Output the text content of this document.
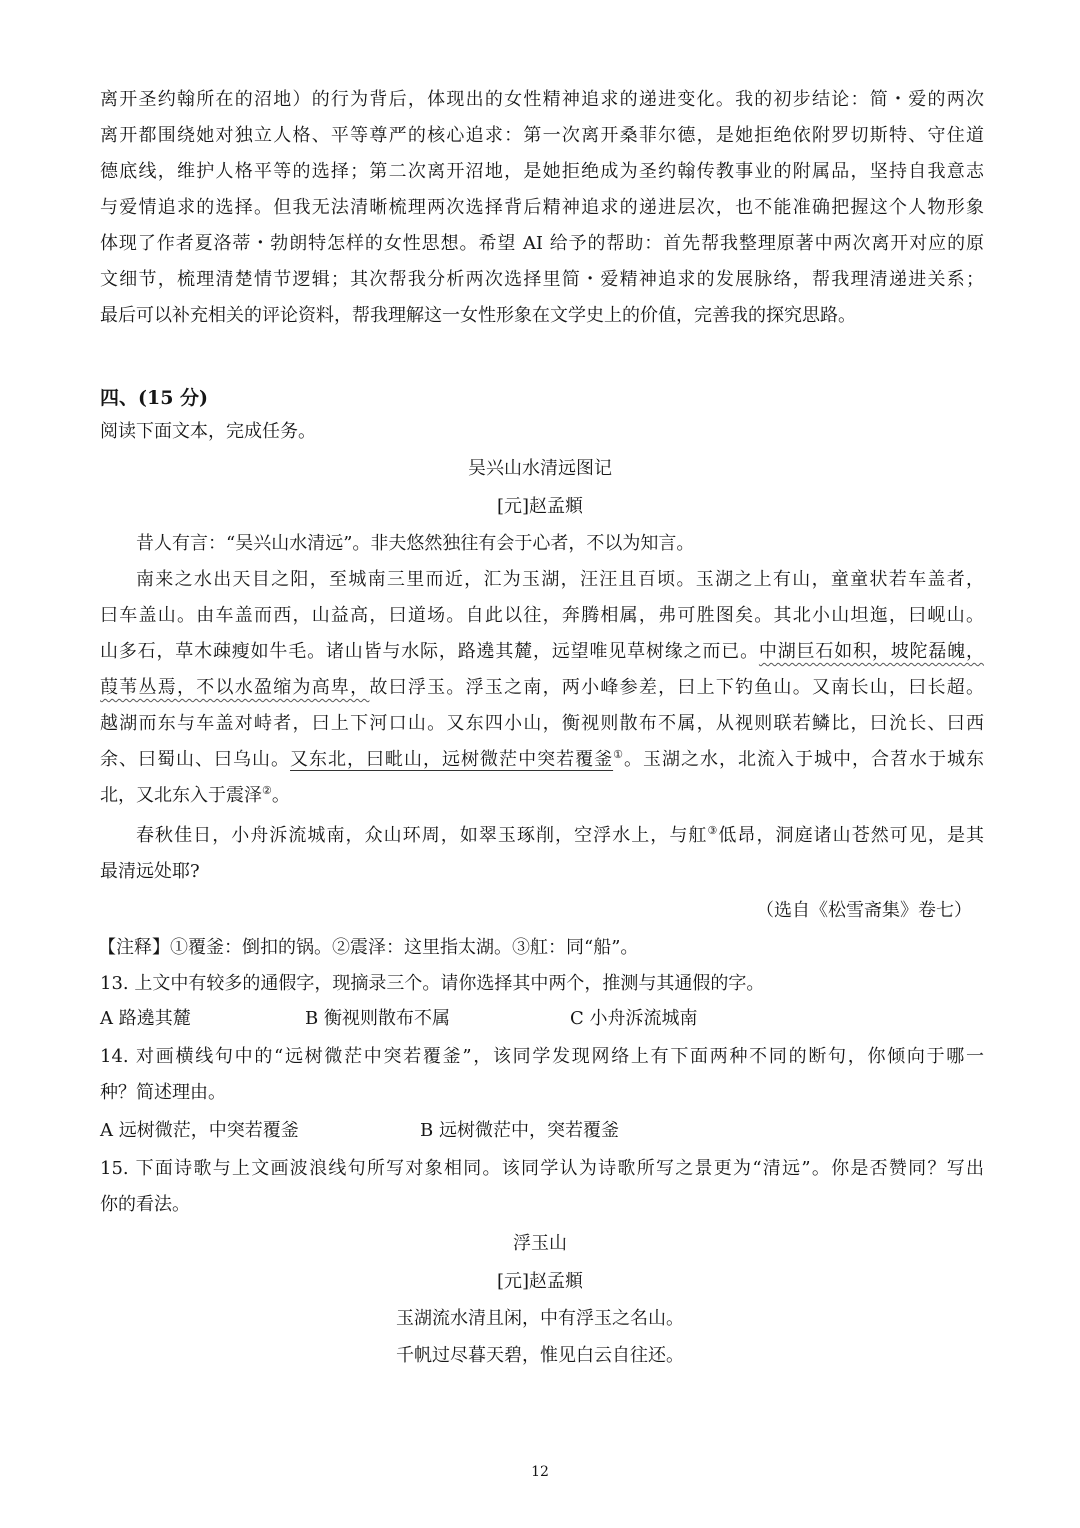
离开圣约翰所在的沼地）的行为背后，体现出的女性精神追求的递进变化。我的初步结论：简・爱的两次
离开都围绕她对独立人格、平等尊严的核心追求：第一次离开桑菲尔德，是她拒绝依附罗切斯特、守住道
德底线，维护人格平等的选择；第二次离开沼地，是她拒绝成为圣约翰传教事业的附属品，坚持自我意志
与爱情追求的选择。但我无法清晰梳理两次选择背后精神追求的递进层次，也不能准确把握这个人物形象
体现了作者夏洛蒂・勃朗特怎样的女性思想。希望 AI 给予的帮助：首先帮我整理原著中两次离开对应的原
文细节，梳理清楚情节逻辑；其次帮我分析两次选择里简・爱精神追求的发展脉络，帮我理清递进关系；
最后可以补充相关的评论资料，帮我理解这一女性形象在文学史上的价值，完善我的探究思路。
四、(15 分)
阅读下面文本，完成任务。
吴兴山水清远图记
[元]赵孟頫
昔人有言：“吴兴山水清远”。非夫悠然独往有会于心者，不以为知言。
南来之水出天目之阳，至城南三里而近，汇为玉湖，汪汪且百顷。玉湖之上有山，童童状若车盖者，
曰车盖山。由车盖而西，山益高，曰道场。自此以往，奔腾相属，弗可胜图矣。其北小山坦迤，曰岘山。
山多石，草木疎瘦如牛毛。诸山皆与水际，路遶其麓，远望唯见草树缘之而已。中湖巨石如积，坡陀磊魄，
葭苇丛焉，不以水盈缩为高卑，故曰浮玉。浮玉之南，两小峰参差，曰上下钓鱼山。又南长山，曰长超。
越湖而东与车盖对峙者，曰上下河口山。又东四小山，衡视则散布不属，从视则联若鳞比，曰沇长、曰西
余、曰蜀山、曰乌山。又东北，曰毗山，远树微茫中突若覆釜①。玉湖之水，北流入于城中，合苕水于城东
北，又北东入于震泽②。
春秋佳日，小舟泝流城南，众山环周，如翠玉琢削，空浮水上，与舡③低昂，洞庭诸山苍然可见，是其
最清远处耶?
（选自《松雪斋集》卷七）
【注释】①覆釜：倒扣的锅。②震泽：这里指太湖。③舡：同“船”。
13. 上文中有较多的通假字，现摘录三个。请你选择其中两个，推测与其通假的字。
A 路遶其麓	B 衡视则散布不属	C 小舟泝流城南
14. 对画横线句中的“远树微茫中突若覆釜”，该同学发现网络上有下面两种不同的断句，你倾向于哪一
种？简述理由。
A 远树微茫，中突若覆釜	B 远树微茫中，突若覆釜
15. 下面诗歌与上文画波浪线句所写对象相同。该同学认为诗歌所写之景更为“清远”。你是否赞同？写出
你的看法。
浮玉山
[元]赵孟頫
玉湖流水清且闲，中有浮玉之名山。
千帆过尽暮天碧，惟见白云自往还。
12
